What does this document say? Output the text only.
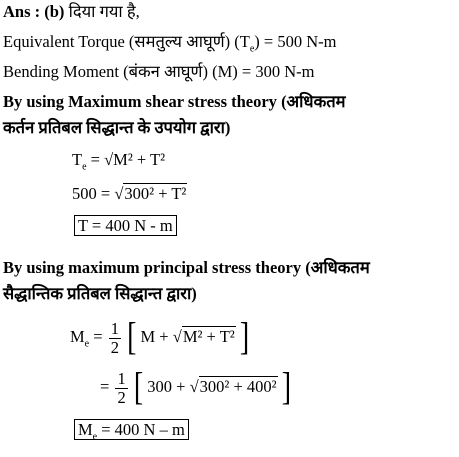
Ans : (b) दिया गया है,
Equivalent Torque (समतुल्य आघूर्ण) $(T_e) = 500$ N-m
Bending Moment (बंकन आघूर्ण) (M) = 300 N-m
By using Maximum shear stress theory (अधिकतम
कर्तन प्रतिबल सिद्धान्त के उपयोग द्वारा)
$T_e = √M^2 + T^2$
500 = √300² + T²
T = 400 N - m
By using maximum principal stress theory (अधिकतम
सैद्धान्तिक प्रतिबल सिद्धान्त द्वारा)
$M_e = \frac{1}{2}$ [ M + √M² + T² ]
= $\frac{1}{2}$ [ 300 + √300² + 400² ]
$M_e = 400$ N – m
